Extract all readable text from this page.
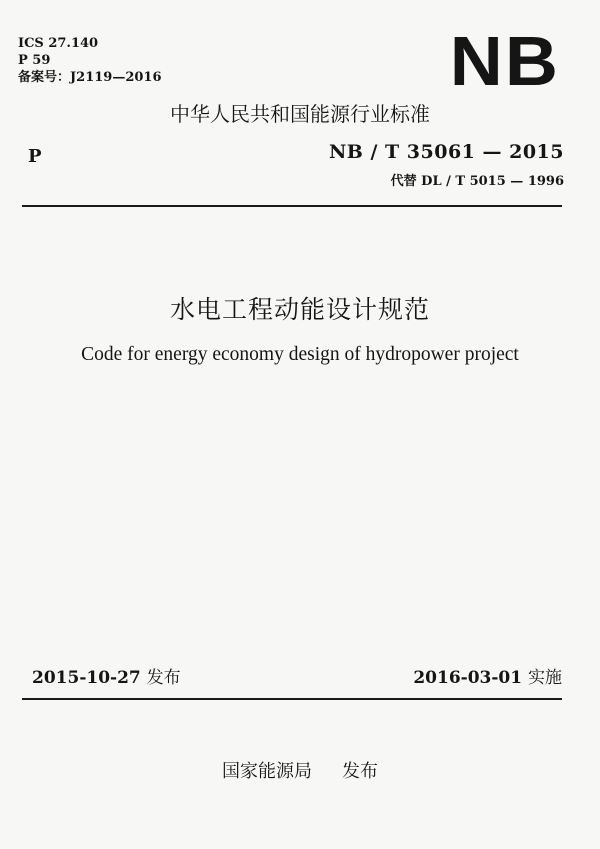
ICS 27.140
P 59
备案号：J2119—2016	NB
中华人民共和国能源行业标准
P	NB / T 35061 — 2015
代替 DL / T 5015 — 1996
水电工程动能设计规范
Code for energy economy design of hydropower project
2015-10-27 发布	2016-03-01 实施
国家能源局 发布
